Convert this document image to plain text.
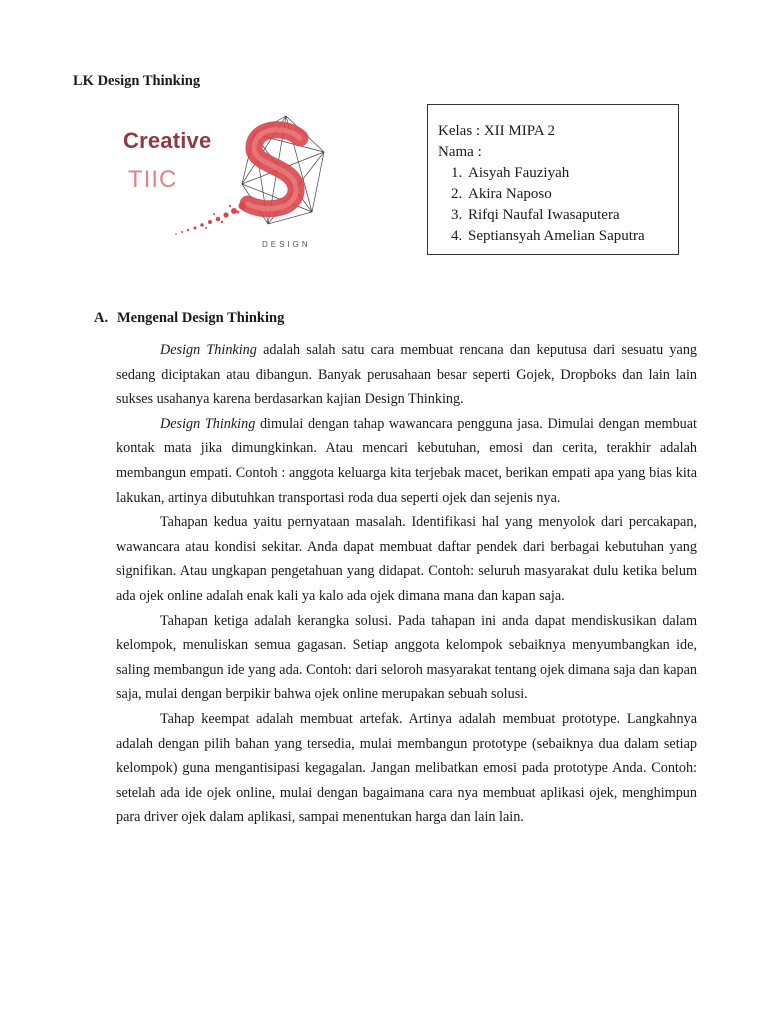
LK Design Thinking
Creative
TIIC
DESIGN
Kelas : XII MIPA 2
Nama :
1. Aisyah Fauziyah
2. Akira Naposo
3. Rifqi Naufal Iwasaputera
4. Septiansyah Amelian Saputra
A. Mengenal Design Thinking

Design Thinking adalah salah satu cara membuat rencana dan keputusa dari sesuatu yang sedang diciptakan atau dibangun. Banyak perusahaan besar seperti Gojek, Dropboks dan lain lain sukses usahanya karena berdasarkan kajian Design Thinking.

Design Thinking dimulai dengan tahap wawancara pengguna jasa. Dimulai dengan membuat kontak mata jika dimungkinkan. Atau mencari kebutuhan, emosi dan cerita, terakhir adalah membangun empati. Contoh : anggota keluarga kita terjebak macet, berikan empati apa yang bias kita lakukan, artinya dibutuhkan transportasi roda dua seperti ojek dan sejenis nya.

Tahapan kedua yaitu pernyataan masalah. Identifikasi hal yang menyolok dari percakapan, wawancara atau kondisi sekitar. Anda dapat membuat daftar pendek dari berbagai kebutuhan yang signifikan. Atau ungkapan pengetahuan yang didapat. Contoh: seluruh masyarakat dulu ketika belum ada ojek online adalah enak kali ya kalo ada ojek dimana mana dan kapan saja.

Tahapan ketiga adalah kerangka solusi. Pada tahapan ini anda dapat mendiskusikan dalam kelompok, menuliskan semua gagasan. Setiap anggota kelompok sebaiknya menyumbangkan ide, saling membangun ide yang ada. Contoh: dari seloroh masyarakat tentang ojek dimana saja dan kapan saja, mulai dengan berpikir bahwa ojek online merupakan sebuah solusi.

Tahap keempat adalah membuat artefak. Artinya adalah membuat prototype. Langkahnya adalah dengan pilih bahan yang tersedia, mulai membangun prototype (sebaiknya dua dalam setiap kelompok) guna mengantisipasi kegagalan. Jangan melibatkan emosi pada prototype Anda. Contoh: setelah ada ide ojek online, mulai dengan bagaimana cara nya membuat aplikasi ojek, menghimpun para driver ojek dalam aplikasi, sampai menentukan harga dan lain lain.
